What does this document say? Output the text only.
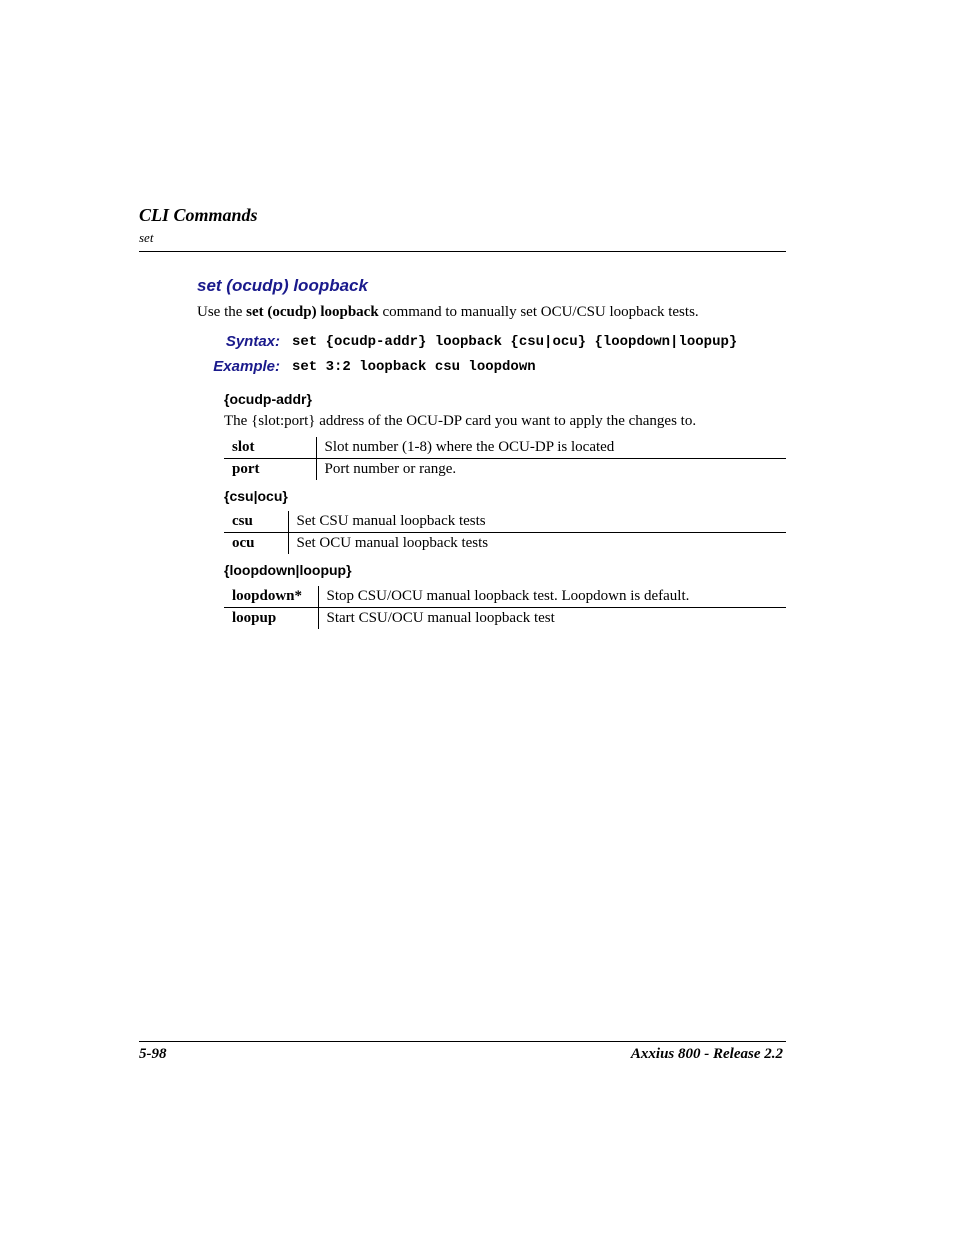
CLI Commands
set
set (ocudp) loopback
Use the set (ocudp) loopback command to manually set OCU/CSU loopback tests.
Syntax: set {ocudp-addr} loopback {csu|ocu} {loopdown|loopup}
Example: set 3:2 loopback csu loopdown
{ocudp-addr}
The {slot:port} address of the OCU-DP card you want to apply the changes to.
slot	Slot number (1-8) where the OCU-DP is located
port	Port number or range.
{csu|ocu}
csu	Set CSU manual loopback tests
ocu	Set OCU manual loopback tests
{loopdown|loopup}
loopdown*	Stop CSU/OCU manual loopback test. Loopdown is default.
loopup	Start CSU/OCU manual loopback test
5-98	Axxius 800 - Release 2.2
